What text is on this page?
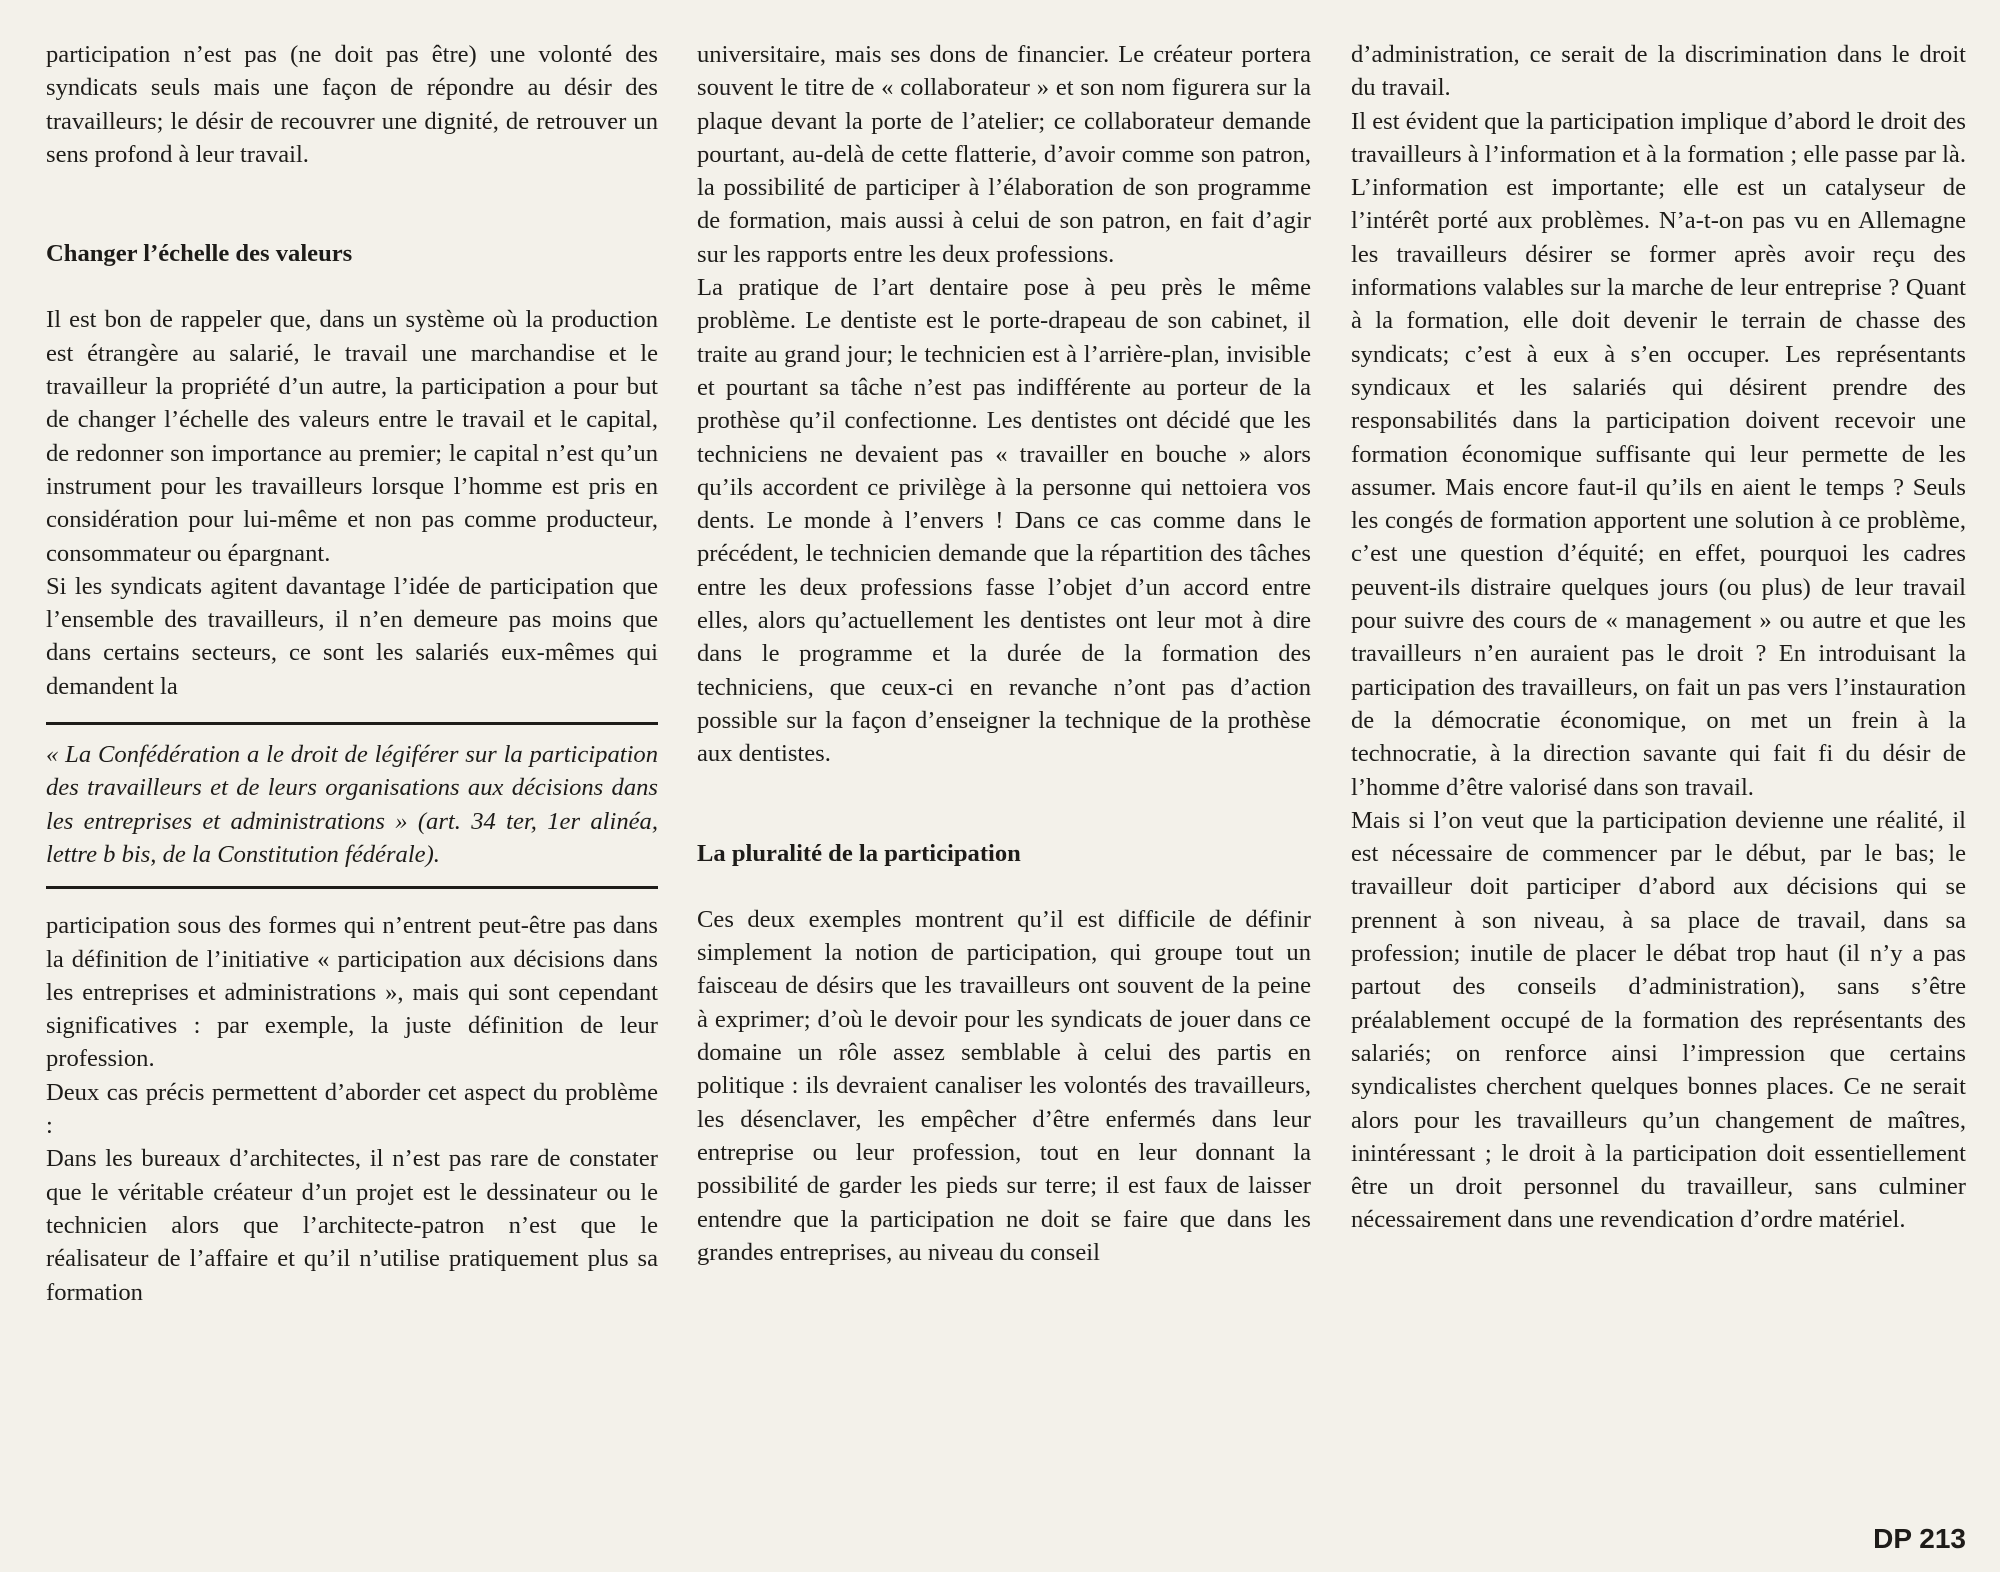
participation n’est pas (ne doit pas être) une volonté des syndicats seuls mais une façon de répondre au désir des travailleurs; le désir de recouvrer une dignité, de retrouver un sens profond à leur travail.

Changer l’échelle des valeurs

Il est bon de rappeler que, dans un système où la production est étrangère au salarié, le travail une marchandise et le travailleur la propriété d’un autre, la participation a pour but de changer l’échelle des valeurs entre le travail et le capital, de redonner son importance au premier; le capital n’est qu’un instrument pour les travailleurs lorsque l’homme est pris en considération pour lui-même et non pas comme producteur, consommateur ou épargnant.

Si les syndicats agitent davantage l’idée de participation que l’ensemble des travailleurs, il n’en demeure pas moins que dans certains secteurs, ce sont les salariés eux-mêmes qui demandent la

« La Confédération a le droit de légiférer sur la participation des travailleurs et de leurs organisations aux décisions dans les entreprises et administrations » (art. 34 ter, 1er alinéa, lettre b bis, de la Constitution fédérale).

participation sous des formes qui n’entrent peut-être pas dans la définition de l’initiative « participation aux décisions dans les entreprises et administrations », mais qui sont cependant significatives : par exemple, la juste définition de leur profession.

Deux cas précis permettent d’aborder cet aspect du problème :

Dans les bureaux d’architectes, il n’est pas rare de constater que le véritable créateur d’un projet est le dessinateur ou le technicien alors que l’architecte-patron n’est que le réalisateur de l’affaire et qu’il n’utilise pratiquement plus sa formation

universitaire, mais ses dons de financier. Le créateur portera souvent le titre de « collaborateur » et son nom figurera sur la plaque devant la porte de l’atelier; ce collaborateur demande pourtant, au-delà de cette flatterie, d’avoir comme son patron, la possibilité de participer à l’élaboration de son programme de formation, mais aussi à celui de son patron, en fait d’agir sur les rapports entre les deux professions.

La pratique de l’art dentaire pose à peu près le même problème. Le dentiste est le porte-drapeau de son cabinet, il traite au grand jour; le technicien est à l’arrière-plan, invisible et pourtant sa tâche n’est pas indifférente au porteur de la prothèse qu’il confectionne. Les dentistes ont décidé que les techniciens ne devaient pas « travailler en bouche » alors qu’ils accordent ce privilège à la personne qui nettoiera vos dents. Le monde à l’envers ! Dans ce cas comme dans le précédent, le technicien demande que la répartition des tâches entre les deux professions fasse l’objet d’un accord entre elles, alors qu’actuellement les dentistes ont leur mot à dire dans le programme et la durée de la formation des techniciens, que ceux-ci en revanche n’ont pas d’action possible sur la façon d’enseigner la technique de la prothèse aux dentistes.

La pluralité de la participation

Ces deux exemples montrent qu’il est difficile de définir simplement la notion de participation, qui groupe tout un faisceau de désirs que les travailleurs ont souvent de la peine à exprimer; d’où le devoir pour les syndicats de jouer dans ce domaine un rôle assez semblable à celui des partis en politique : ils devraient canaliser les volontés des travailleurs, les désenclaver, les empêcher d’être enfermés dans leur entreprise ou leur profession, tout en leur donnant la possibilité de garder les pieds sur terre; il est faux de laisser entendre que la participation ne doit se faire que dans les grandes entreprises, au niveau du conseil

d’administration, ce serait de la discrimination dans le droit du travail.

Il est évident que la participation implique d’abord le droit des travailleurs à l’information et à la formation ; elle passe par là. L’information est importante; elle est un catalyseur de l’intérêt porté aux problèmes. N’a-t-on pas vu en Allemagne les travailleurs désirer se former après avoir reçu des informations valables sur la marche de leur entreprise ? Quant à la formation, elle doit devenir le terrain de chasse des syndicats; c’est à eux à s’en occuper. Les représentants syndicaux et les salariés qui désirent prendre des responsabilités dans la participation doivent recevoir une formation économique suffisante qui leur permette de les assumer. Mais encore faut-il qu’ils en aient le temps ? Seuls les congés de formation apportent une solution à ce problème, c’est une question d’équité; en effet, pourquoi les cadres peuvent-ils distraire quelques jours (ou plus) de leur travail pour suivre des cours de « management » ou autre et que les travailleurs n’en auraient pas le droit ? En introduisant la participation des travailleurs, on fait un pas vers l’instauration de la démocratie économique, on met un frein à la technocratie, à la direction savante qui fait fi du désir de l’homme d’être valorisé dans son travail.

Mais si l’on veut que la participation devienne une réalité, il est nécessaire de commencer par le début, par le bas; le travailleur doit participer d’abord aux décisions qui se prennent à son niveau, à sa place de travail, dans sa profession; inutile de placer le débat trop haut (il n’y a pas partout des conseils d’administration), sans s’être préalablement occupé de la formation des représentants des salariés; on renforce ainsi l’impression que certains syndicalistes cherchent quelques bonnes places. Ce ne serait alors pour les travailleurs qu’un changement de maîtres, inintéressant ; le droit à la participation doit essentiellement être un droit personnel du travailleur, sans culminer nécessairement dans une revendication d’ordre matériel.

DP 213
